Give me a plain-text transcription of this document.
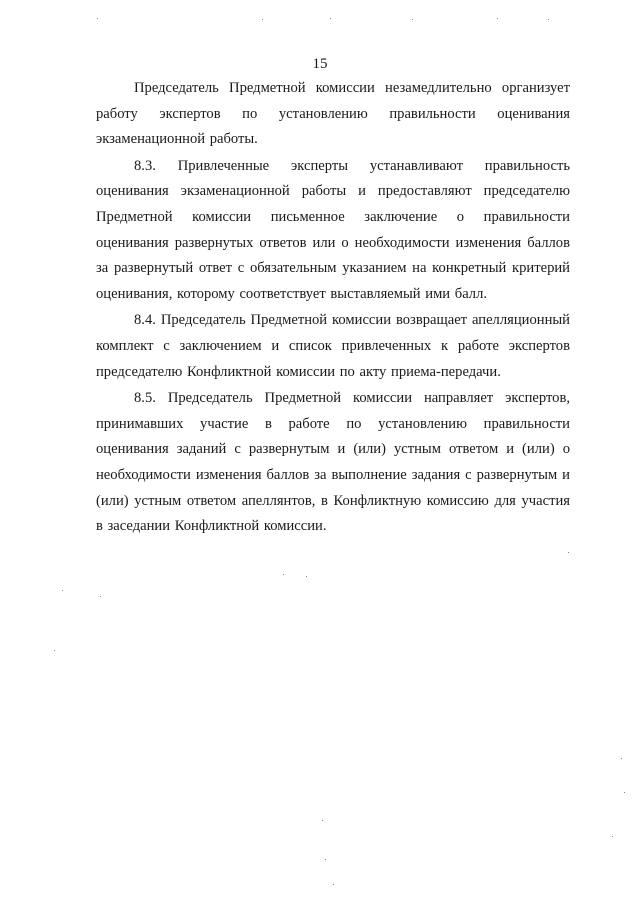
15

Председатель Предметной комиссии незамедлительно организует работу экспертов по установлению правильности оценивания экзаменационной работы.

8.3. Привлеченные эксперты устанавливают правильность оценивания экзаменационной работы и предоставляют председателю Предметной комиссии письменное заключение о правильности оценивания развернутых ответов или о необходимости изменения баллов за развернутый ответ с обязательным указанием на конкретный критерий оценивания, которому соответствует выставляемый ими балл.

8.4. Председатель Предметной комиссии возвращает апелляционный комплект с заключением и список привлеченных к работе экспертов председателю Конфликтной комиссии по акту приема-передачи.

8.5. Председатель Предметной комиссии направляет экспертов, принимавших участие в работе по установлению правильности оценивания заданий с развернутым и (или) устным ответом и (или) о необходимости изменения баллов за выполнение задания с развернутым и (или) устным ответом апеллянтов, в Конфликтную комиссию для участия в заседании Конфликтной комиссии.
